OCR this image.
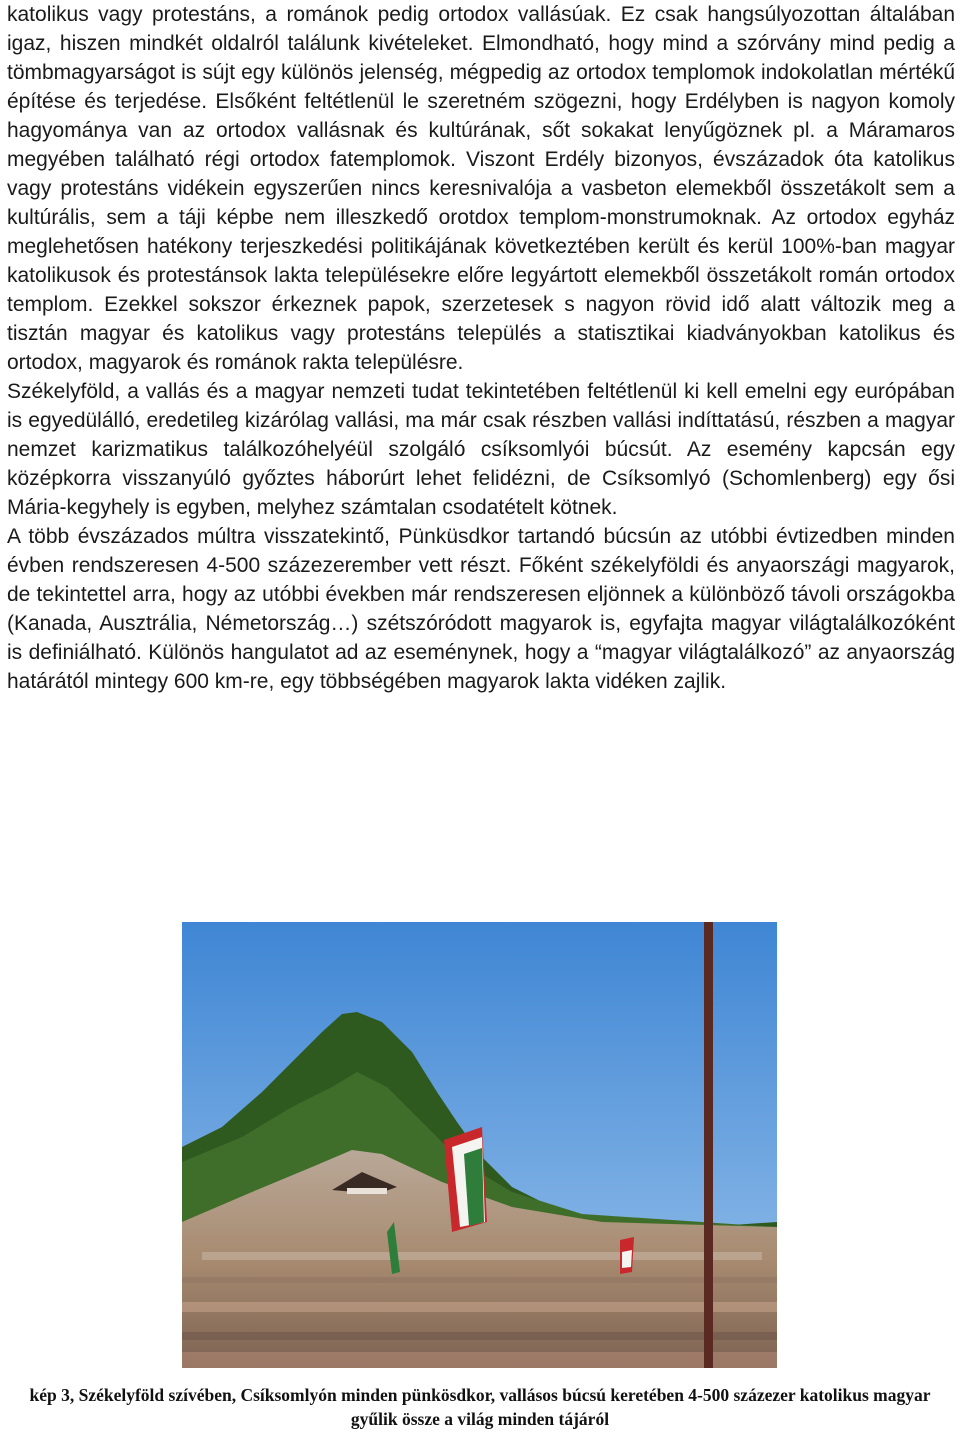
katolikus vagy protestáns, a románok pedig ortodox vallásúak. Ez csak hangsúlyozottan általában igaz, hiszen mindkét oldalról találunk kivételeket. Elmondható, hogy mind a szórvány mind pedig a tömbmagyarságot is sújt egy különös jelenség, mégpedig az ortodox templomok indokolatlan mértékű építése és terjedése. Elsőként feltétlenül le szeretném szögezni, hogy Erdélyben is nagyon komoly hagyománya van az ortodox vallásnak és kultúrának, sőt sokakat lenyűgöznek pl. a Máramaros megyében található régi ortodox fatemplomok. Viszont Erdély bizonyos, évszázadok óta katolikus vagy protestáns vidékein egyszerűen nincs keresnivalója a vasbeton elemekből összetákolt sem a kultúrális, sem a táji képbe nem illeszkedő orotdox templom-monstrumoknak. Az ortodox egyház meglehetősen hatékony terjeszkedési politikájának következtében került és kerül 100%-ban magyar katolikusok és protestánsok lakta településekre előre legyártott elemekből összetákolt román ortodox templom. Ezekkel sokszor érkeznek papok, szerzetesek s nagyon rövid idő alatt változik meg a tisztán magyar és katolikus vagy protestáns település a statisztikai kiadványokban katolikus és ortodox, magyarok és románok rakta településre.

Székelyföld, a vallás és a magyar nemzeti tudat tekintetében feltétlenül ki kell emelni egy európában is egyedülálló, eredetileg kizárólag vallási, ma már csak részben vallási indíttatású, részben a magyar nemzet karizmatikus találkozóhelyéül szolgáló csíksomlyói búcsút. Az esemény kapcsán egy középkorra visszanyúló győztes háborúrt lehet felidézni, de Csíksomlyó (Schomlenberg) egy ősi Mária-kegyhely is egyben, melyhez számtalan csodatételt kötnek.

A több évszázados múltra visszatekintő, Pünküsdkor tartandó búcsún az utóbbi évtizedben minden évben rendszeresen 4-500 százezerember vett részt. Főként székelyföldi és anyaországi magyarok, de tekintettel arra, hogy az utóbbi években már rendszeresen eljönnek a különböző távoli országokba (Kanada, Ausztrália, Németország…) szétszóródott magyarok is, egyfajta magyar világtalálkozóként is definiálható. Különös hangulatot ad az eseménynek, hogy a “magyar világtalálkozó” az anyaország határától mintegy 600 km-re, egy többségében magyarok lakta vidéken zajlik.

kép 3, Székelyföld szívében, Csíksomlyón minden pünkösdkor, vallásos búcsú keretében 4-500 százezer katolikus magyar gyűlik össze a világ minden tájáról
